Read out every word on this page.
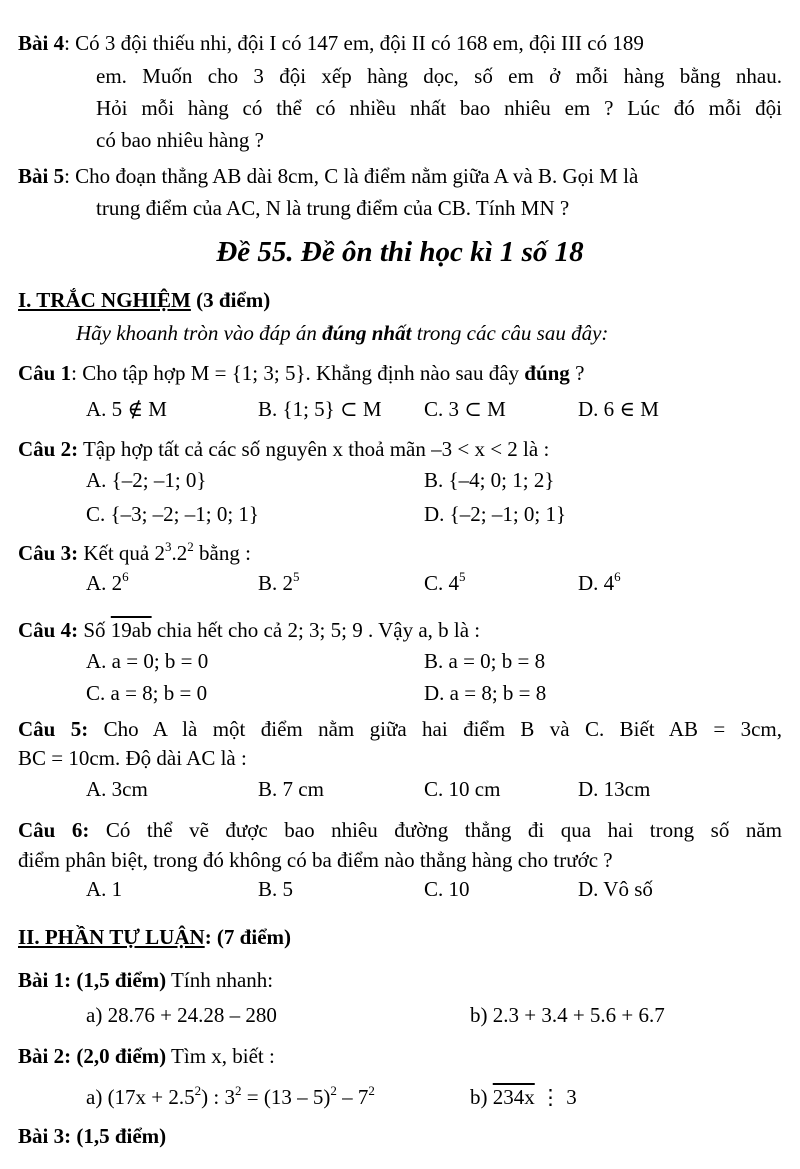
Bài 4: Có 3 đội thiếu nhi, đội I có 147 em, đội II có 168 em, đội III có 189
em. Muốn cho 3 đội xếp hàng dọc, số em ở mỗi hàng bằng nhau.
Hỏi mỗi hàng có thể có nhiều nhất bao nhiêu em ? Lúc đó mỗi đội
có bao nhiêu hàng ?
Bài 5: Cho đoạn thẳng AB dài 8cm, C là điểm nằm giữa A và B. Gọi M là
trung điểm của AC, N là trung điểm của CB. Tính MN ?
Đề 55. Đề ôn thi học kì 1 số 18
I. TRẮC NGHIỆM (3 điểm)
Hãy khoanh tròn vào đáp án đúng nhất trong các câu sau đây:
Câu 1: Cho tập hợp M = {1; 3; 5}. Khẳng định nào sau đây đúng ?
A. 5 ∉ M	B. {1; 5} ⊂ M C. 3 ⊂ M	D. 6 ∈ M
Câu 2: Tập hợp tất cả các số nguyên x thoả mãn –3 < x < 2 là :
A. {–2; –1; 0}	B. {–4; 0; 1; 2}
C. {–3; –2; –1; 0; 1}	D. {–2; –1; 0; 1}
Câu 3: Kết quả $2^3.2^2$ bằng :
A. $2^6$	B. $2^5$	C. $4^5$	D. $4^6$
Câu 4: Số 19ab chia hết cho cả 2; 3; 5; 9 . Vậy a, b là :
A. a = 0; b = 0	B. a = 0; b = 8
C. a = 8; b = 0	D. a = 8; b = 8
Câu 5: Cho A là một điểm nằm giữa hai điểm B và C. Biết AB = 3cm,
BC = 10cm. Độ dài AC là :
A. 3cm	B. 7 cm	C. 10 cm	D. 13cm
Câu 6: Có thể vẽ được bao nhiêu đường thẳng đi qua hai trong số năm
điểm phân biệt, trong đó không có ba điểm nào thẳng hàng cho trước ?
A. 1	B. 5	C. 10	D. Vô số
II. PHẦN TỰ LUẬN: (7 điểm)
Bài 1: (1,5 điểm) Tính nhanh:
a) 28.76 + 24.28 – 280	b) 2.3 + 3.4 + 5.6 + 6.7
Bài 2: (2,0 điểm) Tìm x, biết :
a) $(17x + 2.5^2)$ : $3^2 = (13 - 5)^2 - 7^2$	b) 234x ⋮ 3
Bài 3: (1,5 điểm)
